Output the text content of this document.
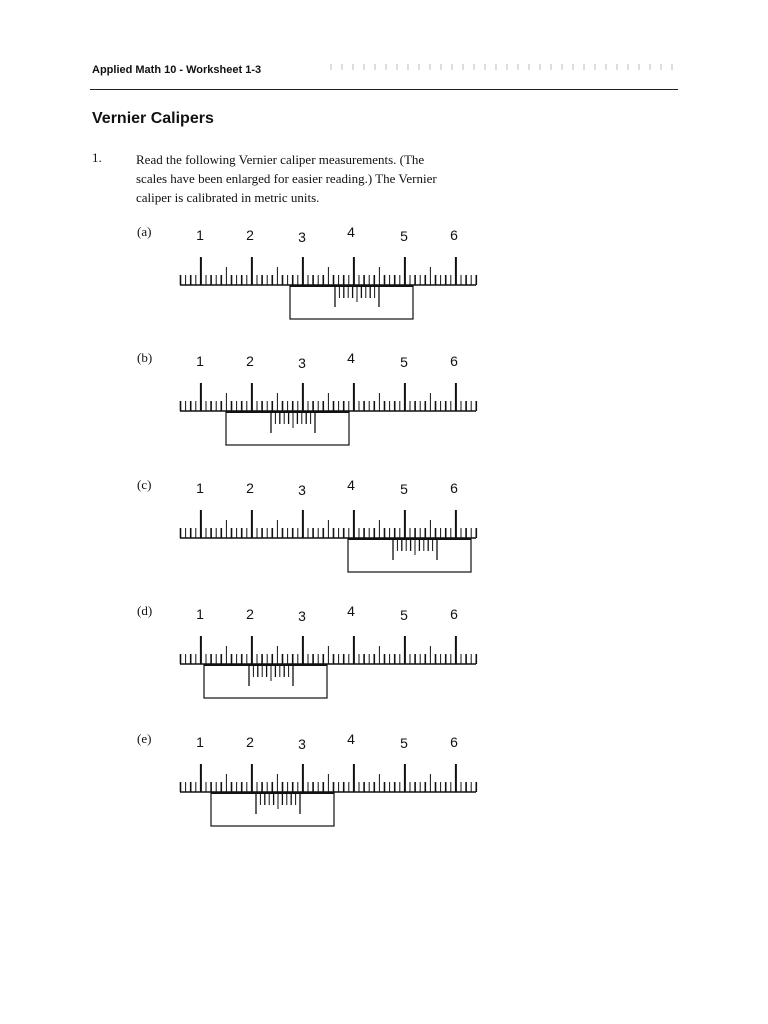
Applied Math 10 - Worksheet 1-3
Vernier Calipers
1.	Read the following Vernier caliper measurements. (The
scales have been enlarged for easier reading.) The Vernier
caliper is calibrated in metric units.
(a)	1	2	3	4	5	6
(b)	1	2	3	4	5	6
(c)	1	2	3	4	5	6
(d)	1	2	3	4	5	6
(e)	1	2	3	4	5	6
